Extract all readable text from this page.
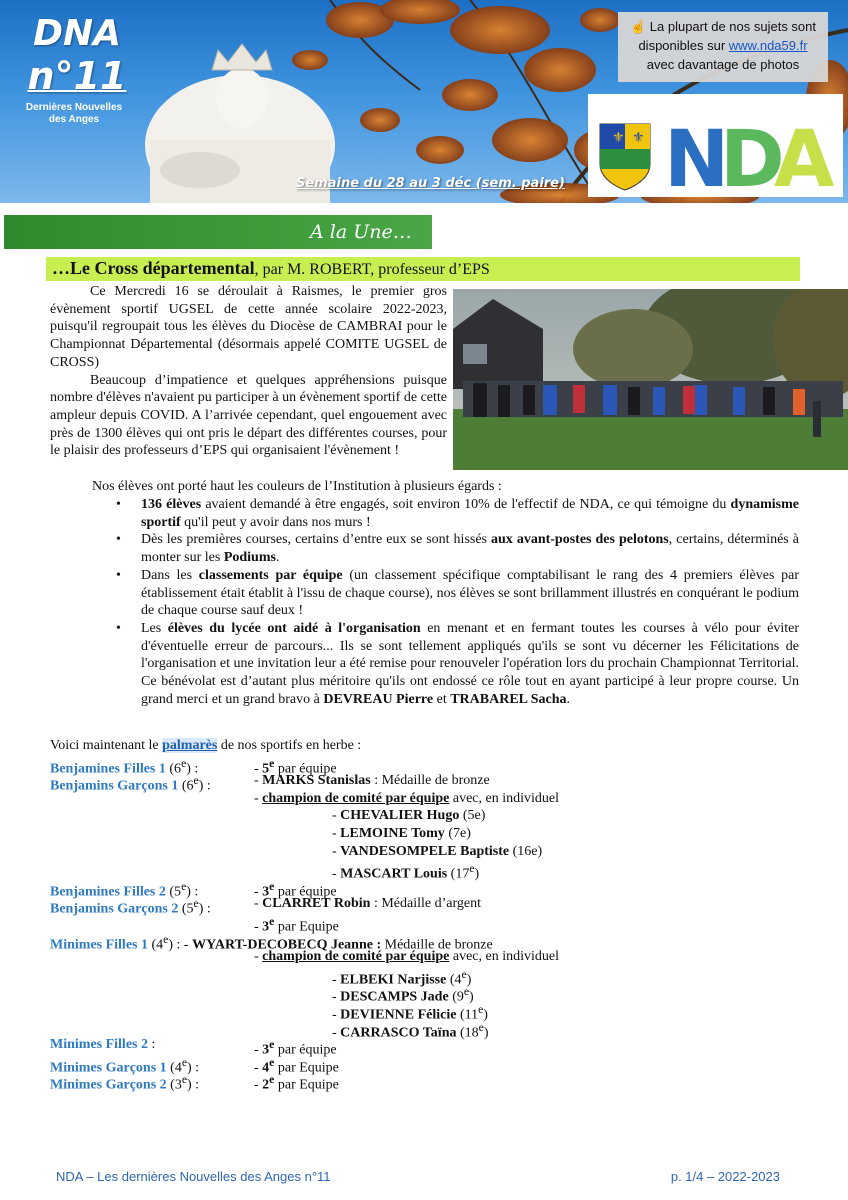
DNA
n°11
Dernières Nouvelles
des Anges
Semaine du 28 au 3 déc (sem. paire)
☝ La plupart de nos sujets sont
disponibles sur www.nda59.fr
avec davantage de photos
⚜ ⚜ N
D
A
A la Une…
…Le Cross départemental, par M. ROBERT, professeur d’EPS

Ce Mercredi 16 se déroulait à Raismes, le premier gros évènement sportif UGSEL de cette année scolaire 2022-2023, puisqu'il regroupait tous les élèves du Diocèse de CAMBRAI pour le Championnat Départemental (désormais appelé COMITE UGSEL de CROSS)

Beaucoup d’impatience et quelques appréhensions puisque nombre d'élèves n'avaient pu participer à un évènement sportif de cette ampleur depuis COVID. A l’arrivée cependant, quel engouement avec près de 1300 élèves qui ont pris le départ des différentes courses, pour le plaisir des professeurs d’EPS qui organisaient l'évènement !

Nos élèves ont porté haut les couleurs de l’Institution à plusieurs égards :
• 136 élèves avaient demandé à être engagés, soit environ 10% de l'effectif de NDA, ce qui témoigne du dynamisme sportif qu'il peut y avoir dans nos murs !
• Dès les premières courses, certains d’entre eux se sont hissés aux avant-postes des pelotons, certains, déterminés à monter sur les Podiums.
• Dans les classements par équipe (un classement spécifique comptabilisant le rang des 4 premiers élèves par établissement était établit à l'issu de chaque course), nos élèves se sont brillamment illustrés en conquérant le podium de chaque course sauf deux !
• Les élèves du lycée ont aidé à l'organisation en menant et en fermant toutes les courses à vélo pour éviter d'éventuelle erreur de parcours... Ils se sont tellement appliqués qu'ils se sont vu décerner les Félicitations de l'organisation et une invitation leur a été remise pour renouveler l'opération lors du prochain Championnat Territorial. Ce bénévolat est d’autant plus méritoire qu'ils ont endossé ce rôle tout en ayant participé à leur propre course. Un grand merci et un grand bravo à DEVREAU Pierre et TRABAREL Sacha.
Voici maintenant le palmarès de nos sportifs en herbe :
Benjamines Filles 1 (6e) :	- 5e par équipe
Benjamins Garçons 1 (6e) :	- MARKS Stanislas : Médaille de bronze
- champion de comité par équipe avec, en individuel
- CHEVALIER Hugo (5e)
- LEMOINE Tomy (7e)
- VANDESOMPELE Baptiste (16e)
- MASCART Louis (17e)
Benjamines Filles 2 (5e) :	- 3e par équipe
Benjamins Garçons 2 (5e) :	- CLARRET Robin : Médaille d’argent
- 3e par Equipe
Minimes Filles 1 (4e) : - WYART-DECOBECQ Jeanne : Médaille de bronze
- champion de comité par équipe avec, en individuel
- ELBEKI Narjisse (4e)
- DESCAMPS Jade (9e)
- DEVIENNE Félicie (11e)
- CARRASCO Taïna (18e)
Minimes Filles 2 :	- 3e par équipe
Minimes Garçons 1 (4e) :	- 4e par Equipe
Minimes Garçons 2 (3e) :	- 2e par Equipe
NDA – Les dernières Nouvelles des Anges n°11	p. 1/4 – 2022-2023
